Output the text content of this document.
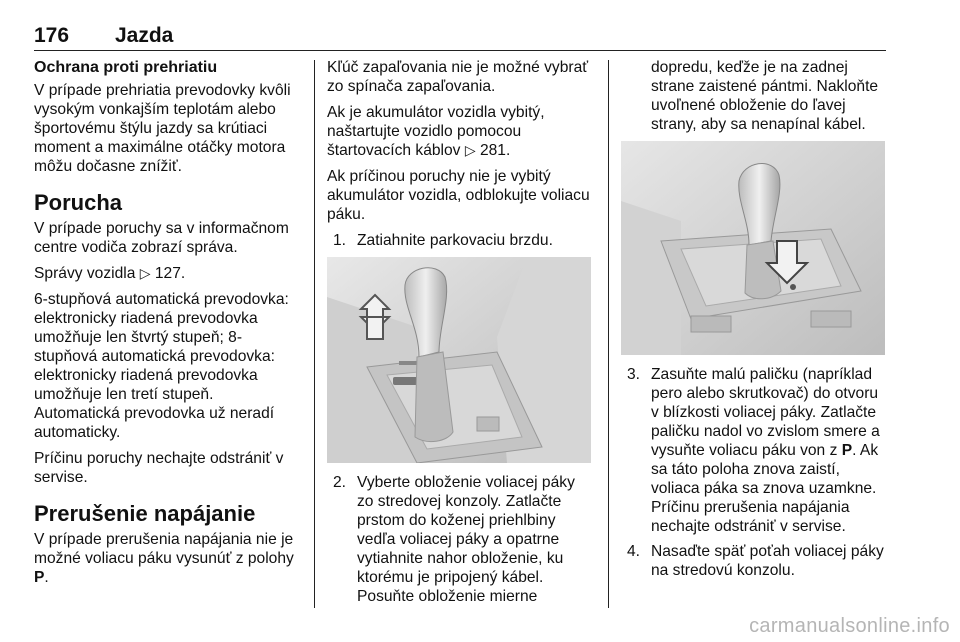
176 Jazda
Ochrana proti prehriatiu

V prípade prehriatia prevodovky kvôli vysokým vonkajším teplotám alebo športovému štýlu jazdy sa krútiaci moment a maximálne otáčky motora môžu dočasne znížiť.

Porucha

V prípade poruchy sa v informačnom centre vodiča zobrazí správa.

Správy vozidla ▷ 127.

6-stupňová automatická prevodovka: elektronicky riadená prevodovka umožňuje len štvrtý stupeň; 8-stupňová automatická prevodovka: elektronicky riadená prevodovka umožňuje len tretí stupeň. Automatická prevodovka už neradí automaticky.

Príčinu poruchy nechajte odstrániť v servise.

Prerušenie napájanie

V prípade prerušenia napájania nie je možné voliacu páku vysunúť z polohy P.

Kľúč zapaľovania nie je možné vybrať zo spínača zapaľovania.

Ak je akumulátor vozidla vybitý, naštartujte vozidlo pomocou štartovacích káblov ▷ 281.

Ak príčinou poruchy nie je vybitý akumulátor vozidla, odblokujte voliacu páku.

1. Zatiahnite parkovaciu brzdu.
2. Vyberte obloženie voliacej páky zo stredovej konzoly. Zatlačte prstom do koženej priehlbiny vedľa voliacej páky a opatrne vytiahnite nahor obloženie, ku ktorému je pripojený kábel. Posuňte obloženie mierne

dopredu, keďže je na zadnej strane zaistené pántmi. Nakloňte uvoľnené obloženie do ľavej strany, aby sa nenapínal kábel.

3. Zasuňte malú paličku (napríklad pero alebo skrutkovač) do otvoru v blízkosti voliacej páky. Zatlačte paličku nadol vo zvislom smere a vysuňte voliacu páku von z P. Ak sa táto poloha znova zaistí, voliaca páka sa znova uzamkne. Príčinu prerušenia napájania nechajte odstrániť v servise.
4. Nasaďte späť poťah voliacej páky na stredovú konzolu.
carmanualsonline.info
